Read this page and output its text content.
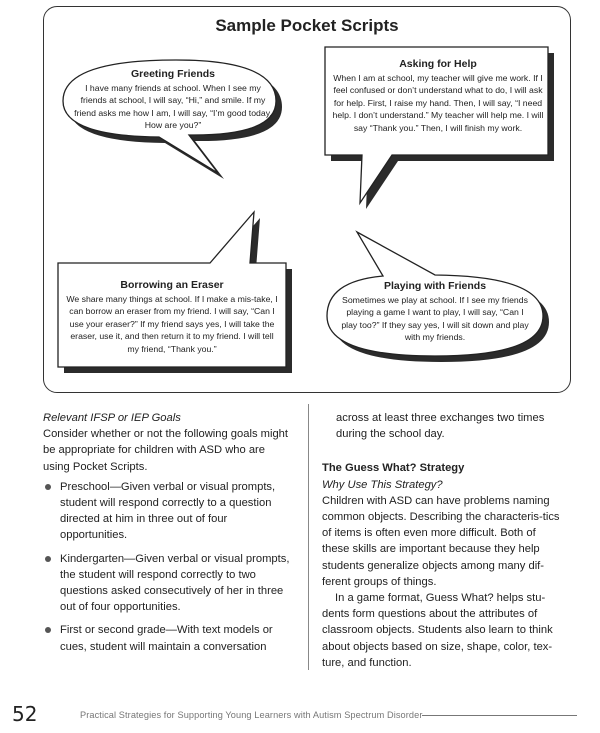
Sample Pocket Scripts
Greeting Friends
I have many friends at school. When I see my friends at school, I will say, “Hi,” and smile. If my friend asks me how I am, I will say, “I’m good today. How are you?”
Asking for Help
When I am at school, my teacher will give me work. If I feel confused or don’t understand what to do, I will ask for help. First, I raise my hand. Then, I will say, “I need help. I don’t understand.” My teacher will help me. I will say “Thank you.” Then, I will finish my work.
Borrowing an Eraser
We share many things at school. If I make a mis-take, I can borrow an eraser from my friend. I will say, “Can I use your eraser?” If my friend says yes, I will take the eraser, use it, and then return it to my friend. I will tell my friend, “Thank you.”
Playing with Friends
Sometimes we play at school. If I see my friends playing a game I want to play, I will say, “Can I play too?” If they say yes, I will sit down and play with my friends.

Relevant IFSP or IEP Goals

Consider whether or not the following goals might be appropriate for children with ASD who are using Pocket Scripts.

Preschool—Given verbal or visual prompts, student will respond correctly to a question directed at him in three out of four opportunities.
Kindergarten—Given verbal or visual prompts, the student will respond correctly to two questions asked consecutively of her in three out of four opportunities.
First or second grade—With text models or cues, student will maintain a conversation

across at least three exchanges two times during the school day.

The Guess What? Strategy

Why Use This Strategy?

Children with ASD can have problems naming common objects. Describing the characteris-tics of items is often even more difficult. Both of these skills are important because they help students generalize objects among many dif-ferent groups of things.

In a game format, Guess What? helps stu-dents form questions about the attributes of classroom objects. Students also learn to think about objects based on size, shape, color, tex-ture, and function.

52	Practical Strategies for Supporting Young Learners with Autism Spectrum Disorder
